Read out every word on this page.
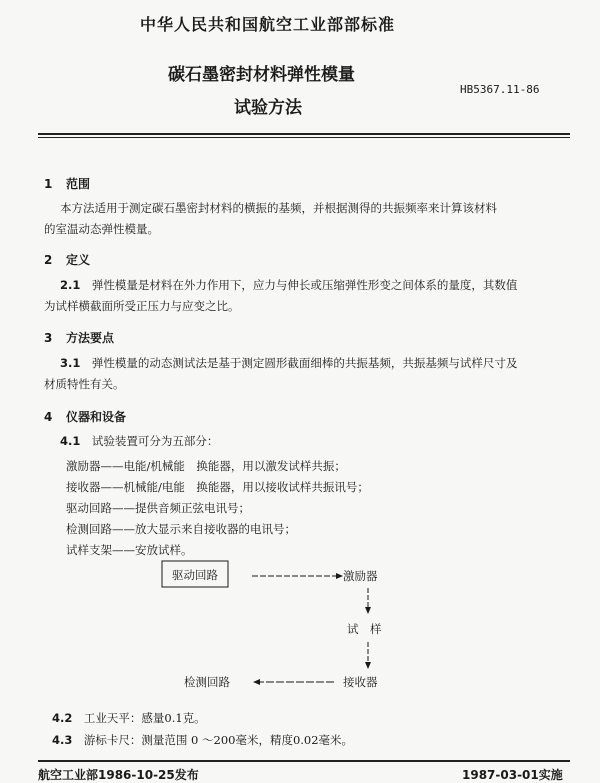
中华人民共和国航空工业部部标准
碳石墨密封材料弹性模量
试验方法
HB5367.11-86
1 范围
本方法适用于测定碳石墨密封材料的横振的基频，并根据测得的共振频率来计算该材料
的室温动态弹性模量。
2 定义
2.1  弹性模量是材料在外力作用下，应力与伸长或压缩弹性形变之间体系的量度，其数值
为试样横截面所受正压力与应变之比。
3 方法要点
3.1  弹性模量的动态测试法是基于测定圆形截面细棒的共振基频，共振基频与试样尺寸及
材质特性有关。
4 仪器和设备
4.1  试验装置可分为五部分：
激励器——电能/机械能　换能器，用以激发试样共振；
接收器——机械能/电能　换能器，用以接收试样共振讯号；
驱动回路——提供音频正弦电讯号；
检测回路——放大显示来自接收器的电讯号；
试样支架——安放试样。
驱动回路	激励器
试　样
接收器
检测回路
4.2  工业天平：感量0.1克。
4.3  游标卡尺：测量范围 0 ～200毫米，精度0.02毫米。
航空工业部1986-10-25发布	1987-03-01实施
